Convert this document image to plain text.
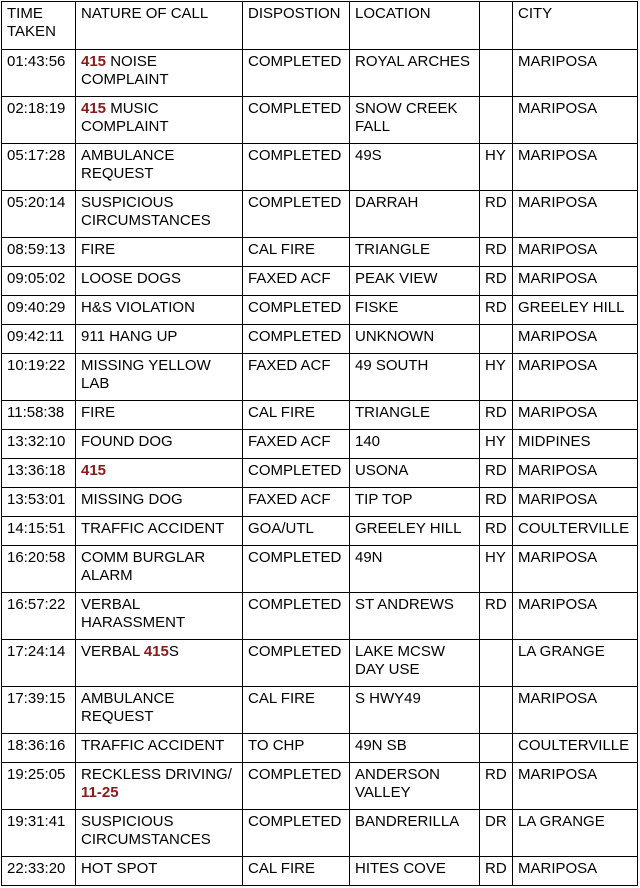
TIME TAKEN	NATURE OF CALL	DISPOSTION	LOCATION		CITY
01:43:56	415 NOISE COMPLAINT	COMPLETED	ROYAL ARCHES		MARIPOSA
02:18:19	415 MUSIC COMPLAINT	COMPLETED	SNOW CREEK FALL		MARIPOSA
05:17:28	AMBULANCE REQUEST	COMPLETED	49S	HY	MARIPOSA
05:20:14	SUSPICIOUS CIRCUMSTANCES	COMPLETED	DARRAH	RD	MARIPOSA
08:59:13	FIRE	CAL FIRE	TRIANGLE	RD	MARIPOSA
09:05:02	LOOSE DOGS	FAXED ACF	PEAK VIEW	RD	MARIPOSA
09:40:29	H&S VIOLATION	COMPLETED	FISKE	RD	GREELEY HILL
09:42:11	911 HANG UP	COMPLETED	UNKNOWN		MARIPOSA
10:19:22	MISSING YELLOW LAB	FAXED ACF	49 SOUTH	HY	MARIPOSA
11:58:38	FIRE	CAL FIRE	TRIANGLE	RD	MARIPOSA
13:32:10	FOUND DOG	FAXED ACF	140	HY	MIDPINES
13:36:18	415	COMPLETED	USONA	RD	MARIPOSA
13:53:01	MISSING DOG	FAXED ACF	TIP TOP	RD	MARIPOSA
14:15:51	TRAFFIC ACCIDENT	GOA/UTL	GREELEY HILL	RD	COULTERVILLE
16:20:58	COMM BURGLAR ALARM	COMPLETED	49N	HY	MARIPOSA
16:57:22	VERBAL HARASSMENT	COMPLETED	ST ANDREWS	RD	MARIPOSA
17:24:14	VERBAL 415S	COMPLETED	LAKE MCSW DAY USE		LA GRANGE
17:39:15	AMBULANCE REQUEST	CAL FIRE	S HWY49		MARIPOSA
18:36:16	TRAFFIC ACCIDENT	TO CHP	49N SB		COULTERVILLE
19:25:05	RECKLESS DRIVING/ 11-25	COMPLETED	ANDERSON VALLEY	RD	MARIPOSA
19:31:41	SUSPICIOUS CIRCUMSTANCES	COMPLETED	BANDRERILLA	DR	LA GRANGE
22:33:20	HOT SPOT	CAL FIRE	HITES COVE	RD	MARIPOSA
